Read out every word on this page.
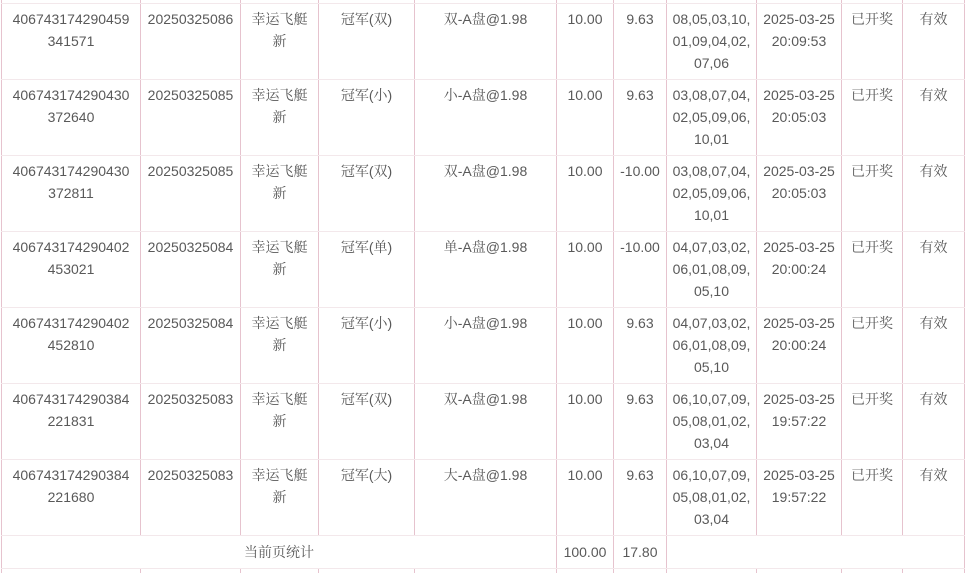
406743174290459341571	20250325086	幸运飞艇新	冠军(双)	双-A盘@1.98	10.00	9.63	08,05,03,10,01,09,04,02,07,06	2025-03-25 20:09:53	已开奖	有效
406743174290430372640	20250325085	幸运飞艇新	冠军(小)	小-A盘@1.98	10.00	9.63	03,08,07,04,02,05,09,06,10,01	2025-03-25 20:05:03	已开奖	有效
406743174290430372811	20250325085	幸运飞艇新	冠军(双)	双-A盘@1.98	10.00	-10.00	03,08,07,04,02,05,09,06,10,01	2025-03-25 20:05:03	已开奖	有效
406743174290402453021	20250325084	幸运飞艇新	冠军(单)	单-A盘@1.98	10.00	-10.00	04,07,03,02,06,01,08,09,05,10	2025-03-25 20:00:24	已开奖	有效
406743174290402452810	20250325084	幸运飞艇新	冠军(小)	小-A盘@1.98	10.00	9.63	04,07,03,02,06,01,08,09,05,10	2025-03-25 20:00:24	已开奖	有效
406743174290384221831	20250325083	幸运飞艇新	冠军(双)	双-A盘@1.98	10.00	9.63	06,10,07,09,05,08,01,02,03,04	2025-03-25 19:57:22	已开奖	有效
406743174290384221680	20250325083	幸运飞艇新	冠军(大)	大-A盘@1.98	10.00	9.63	06,10,07,09,05,08,01,02,03,04	2025-03-25 19:57:22	已开奖	有效
当前页统计					100.00	17.80				
